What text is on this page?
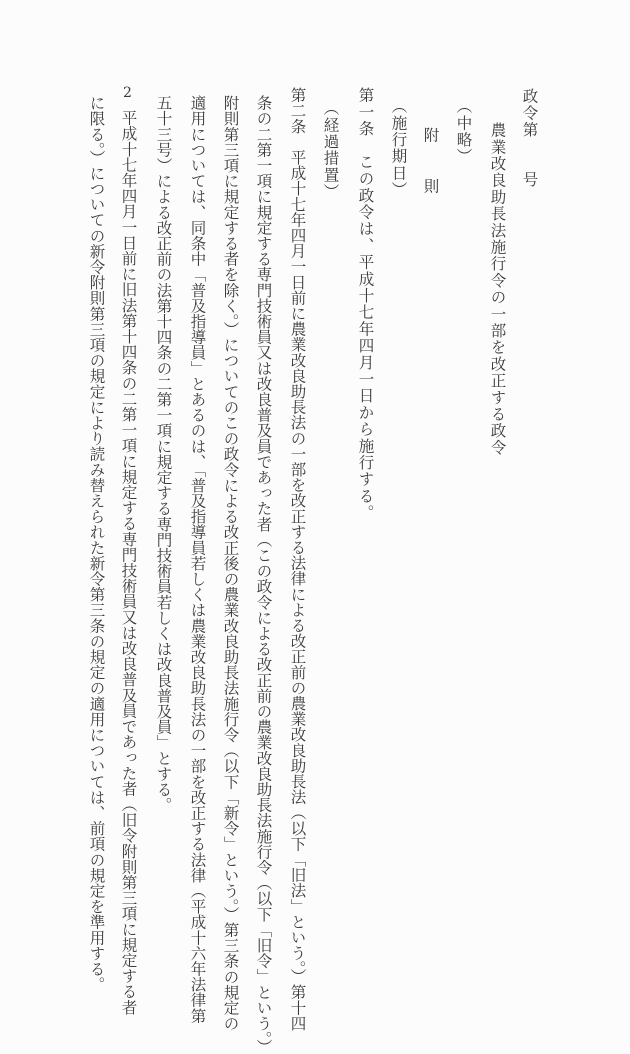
政令第　　号
農業改良助長法施行令の一部を改正する政令
（中略）
附　則
（施行期日）
第一条　この政令は、平成十七年四月一日から施行する。
（経過措置）
第二条　平成十七年四月一日前に農業改良助長法の一部を改正する法律による改正前の農業改良助長法（以下「旧法」という。）第十四
条の二第一項に規定する専門技術員又は改良普及員であった者（この政令による改正前の農業改良助長法施行令（以下「旧令」という。）
附則第三項に規定する者を除く。）についてのこの政令による改正後の農業改良助長法施行令（以下「新令」という。）第三条の規定の
適用については、同条中「普及指導員」とあるのは、「普及指導員若しくは農業改良助長法の一部を改正する法律（平成十六年法律第
五十三号）による改正前の法第十四条の二第一項に規定する専門技術員若しくは改良普及員」とする。
2
平成十七年四月一日前に旧法第十四条の二第一項に規定する専門技術員又は改良普及員であった者（旧令附則第三項に規定する者
に限る。）についての新令附則第三項の規定により読み替えられた新令第三条の規定の適用については、前項の規定を準用する。
